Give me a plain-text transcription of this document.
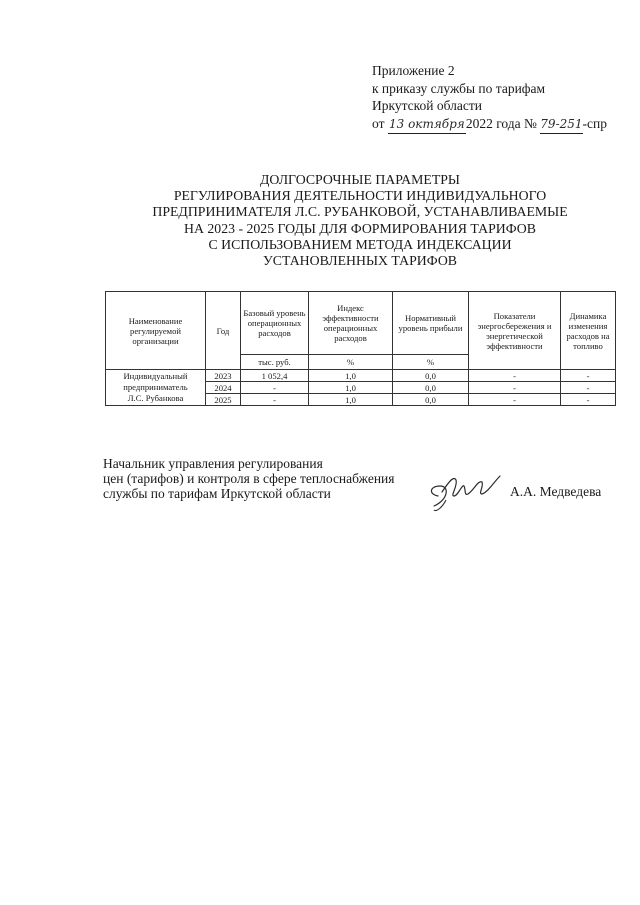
Приложение 2
к приказу службы по тарифам
Иркутской области
от 13 октября2022 года № 79-251-спр
ДОЛГОСРОЧНЫЕ ПАРАМЕТРЫ
РЕГУЛИРОВАНИЯ ДЕЯТЕЛЬНОСТИ ИНДИВИДУАЛЬНОГО
ПРЕДПРИНИМАТЕЛЯ Л.С. РУБАНКОВОЙ, УСТАНАВЛИВАЕМЫЕ
НА 2023 - 2025 ГОДЫ ДЛЯ ФОРМИРОВАНИЯ ТАРИФОВ
С ИСПОЛЬЗОВАНИЕМ МЕТОДА ИНДЕКСАЦИИ
УСТАНОВЛЕННЫХ ТАРИФОВ
Наименование регулируемой организации	Год	Базовый уровень операционных расходов	Индекс эффективности операционных расходов	Нормативный уровень прибыли	Показатели энергосбережения и энергетической эффективности	Динамика изменения расходов на топливо
		тыс. руб.	%	%		

Индивидуальный
предприниматель
Л.С. Рубанкова	2023	1 052,4	1,0	0,0	-	-
	2024	-	1,0	0,0	-	-
	2025	-	1,0	0,0	-	-
Начальник управления регулирования
цен (тарифов) и контроля в сфере теплоснабжения
службы по тарифам Иркутской области	А.А. Медведева
